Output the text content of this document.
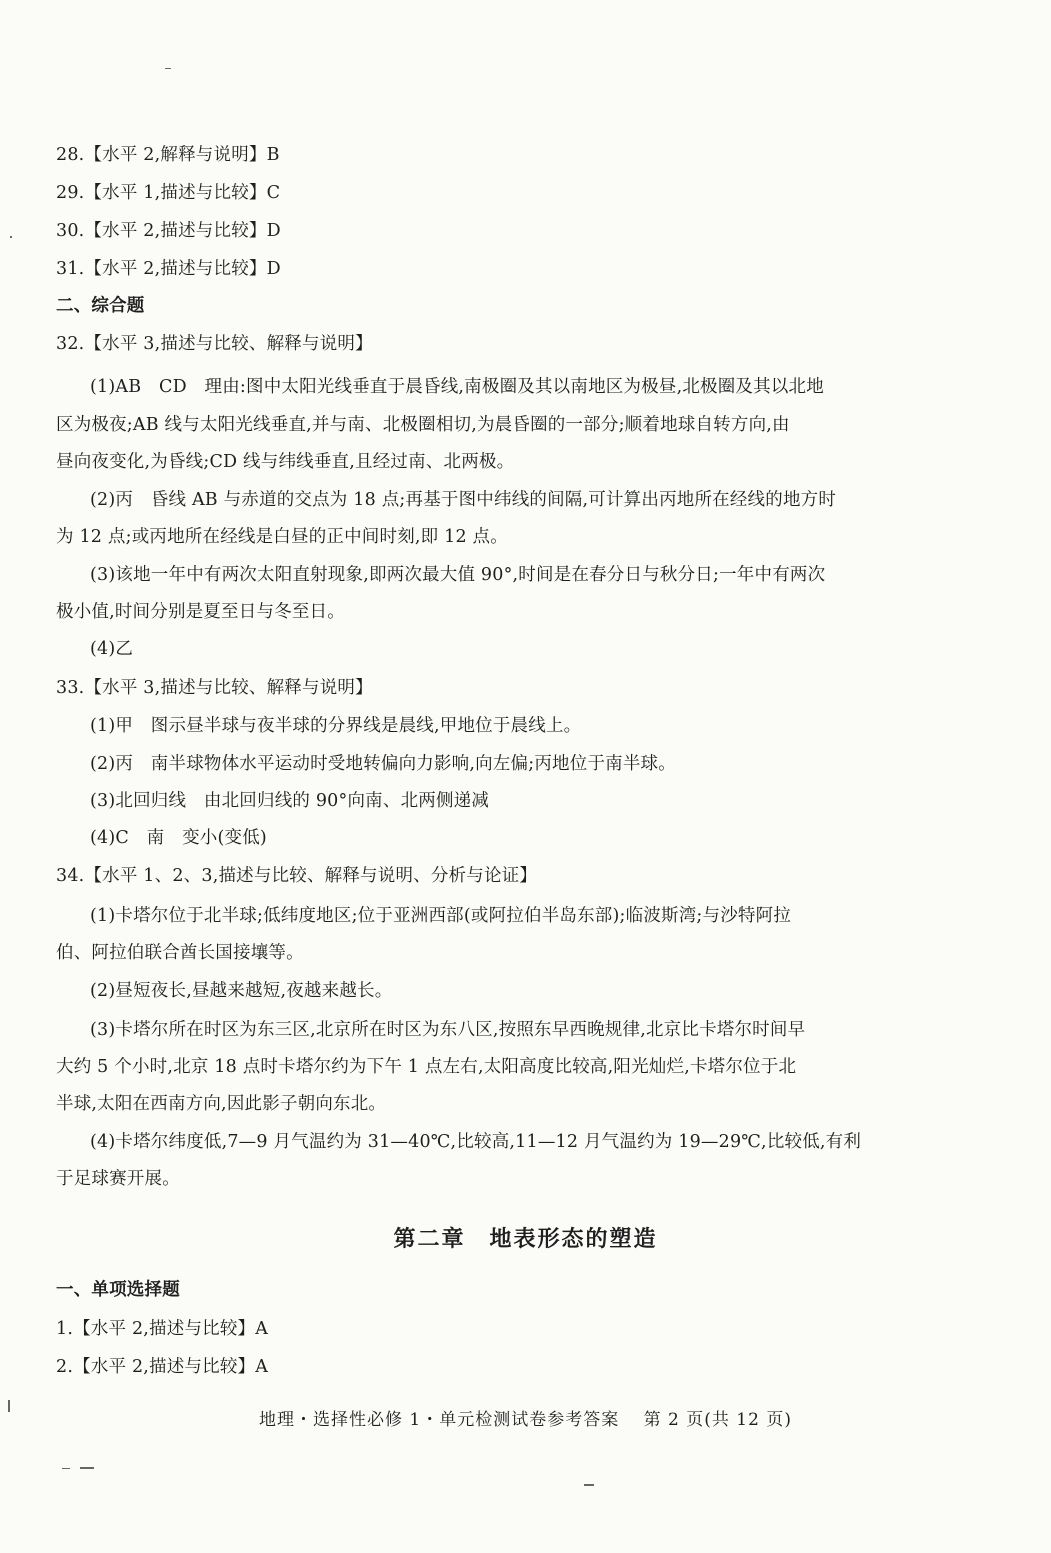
28.【水平 2,解释与说明】B
29.【水平 1,描述与比较】C
30.【水平 2,描述与比较】D
31.【水平 2,描述与比较】D
二、综合题
32.【水平 3,描述与比较、解释与说明】
(1)AB　CD　理由:图中太阳光线垂直于晨昏线,南极圈及其以南地区为极昼,北极圈及其以北地
区为极夜;AB 线与太阳光线垂直,并与南、北极圈相切,为晨昏圈的一部分;顺着地球自转方向,由
昼向夜变化,为昏线;CD 线与纬线垂直,且经过南、北两极。
(2)丙　昏线 AB 与赤道的交点为 18 点;再基于图中纬线的间隔,可计算出丙地所在经线的地方时
为 12 点;或丙地所在经线是白昼的正中间时刻,即 12 点。
(3)该地一年中有两次太阳直射现象,即两次最大值 90°,时间是在春分日与秋分日;一年中有两次
极小值,时间分别是夏至日与冬至日。
(4)乙
33.【水平 3,描述与比较、解释与说明】
(1)甲　图示昼半球与夜半球的分界线是晨线,甲地位于晨线上。
(2)丙　南半球物体水平运动时受地转偏向力影响,向左偏;丙地位于南半球。
(3)北回归线　由北回归线的 90°向南、北两侧递减
(4)C　南　变小(变低)
34.【水平 1、2、3,描述与比较、解释与说明、分析与论证】
(1)卡塔尔位于北半球;低纬度地区;位于亚洲西部(或阿拉伯半岛东部);临波斯湾;与沙特阿拉
伯、阿拉伯联合酋长国接壤等。
(2)昼短夜长,昼越来越短,夜越来越长。
(3)卡塔尔所在时区为东三区,北京所在时区为东八区,按照东早西晚规律,北京比卡塔尔时间早
大约 5 个小时,北京 18 点时卡塔尔约为下午 1 点左右,太阳高度比较高,阳光灿烂,卡塔尔位于北
半球,太阳在西南方向,因此影子朝向东北。
(4)卡塔尔纬度低,7—9 月气温约为 31—40℃,比较高,11—12 月气温约为 19—29℃,比较低,有利
于足球赛开展。
第二章　地表形态的塑造
一、单项选择题
1.【水平 2,描述与比较】A
2.【水平 2,描述与比较】A
地理・选择性必修 1・单元检测试卷参考答案　 第 2 页(共 12 页)
